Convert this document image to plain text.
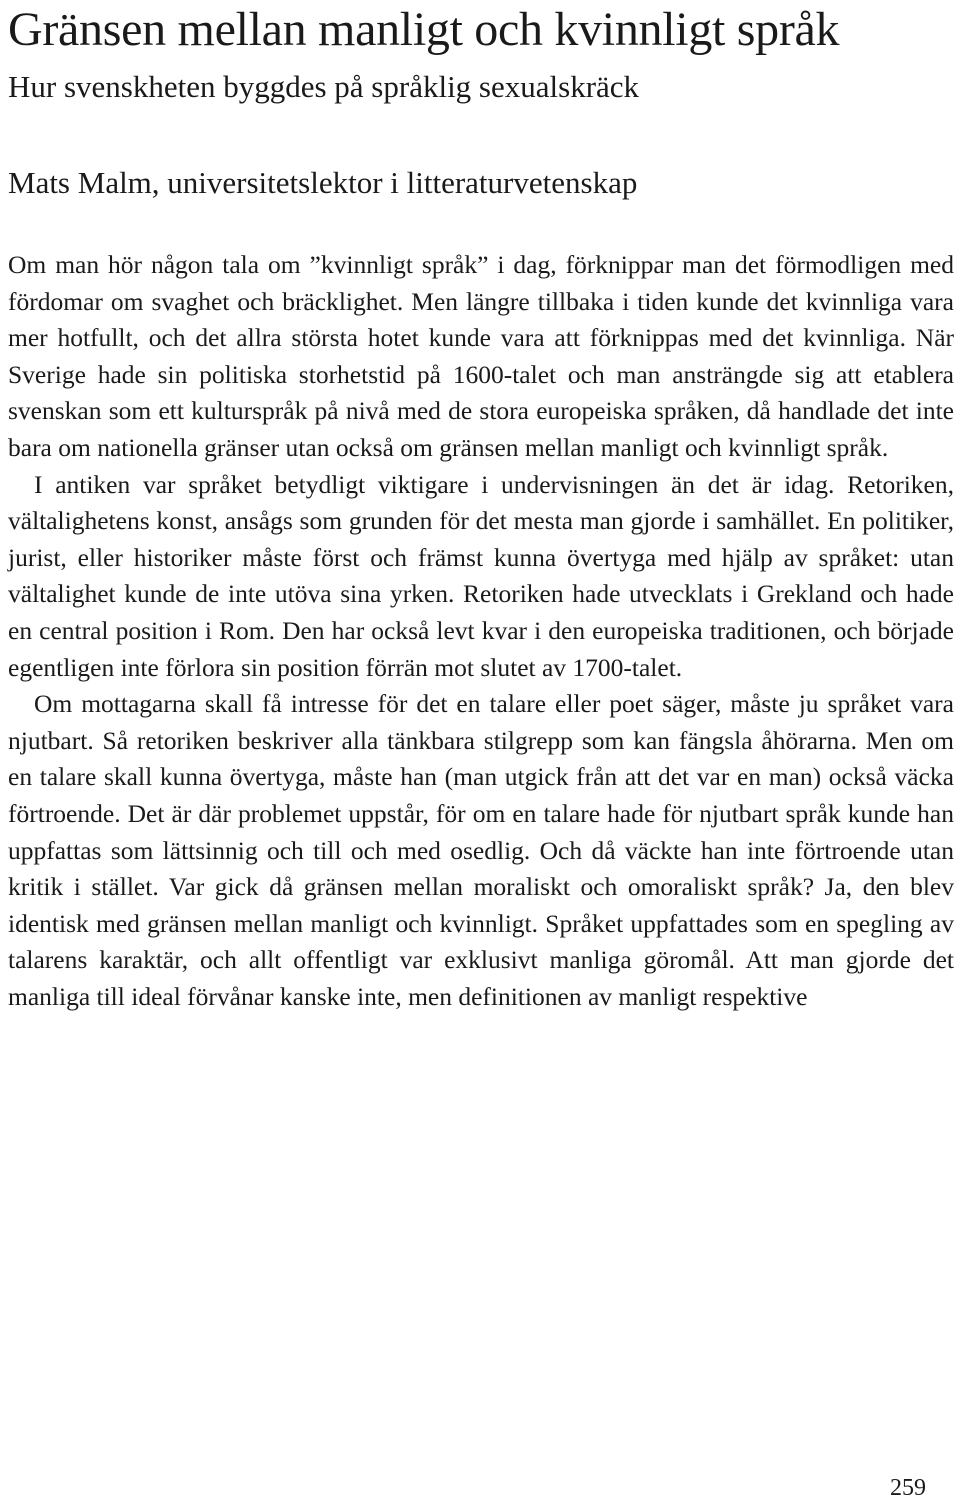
Gränsen mellan manligt och kvinnligt språk
Hur svenskheten byggdes på språklig sexualskräck
Mats Malm, universitetslektor i litteraturvetenskap

Om man hör någon tala om ”kvinnligt språk” i dag, förknippar man det förmodligen med fördomar om svaghet och bräcklighet. Men längre tillbaka i tiden kunde det kvinnliga vara mer hotfullt, och det allra största hotet kunde vara att förknippas med det kvinnliga. När Sverige hade sin politiska storhetstid på 1600-talet och man ansträngde sig att etablera svenskan som ett kulturspråk på nivå med de stora europeiska språken, då handlade det inte bara om nationella gränser utan också om gränsen mellan manligt och kvinnligt språk.

I antiken var språket betydligt viktigare i undervisningen än det är idag. Retoriken, vältalighetens konst, ansågs som grunden för det mesta man gjorde i samhället. En politiker, jurist, eller historiker måste först och främst kunna övertyga med hjälp av språket: utan vältalighet kunde de inte utöva sina yrken. Retoriken hade utvecklats i Grekland och hade en central position i Rom. Den har också levt kvar i den europeiska traditionen, och började egentligen inte förlora sin position förrän mot slutet av 1700-talet.

Om mottagarna skall få intresse för det en talare eller poet säger, måste ju språket vara njutbart. Så retoriken beskriver alla tänkbara stilgrepp som kan fängsla åhörarna. Men om en talare skall kunna övertyga, måste han (man utgick från att det var en man) också väcka förtroende. Det är där problemet uppstår, för om en talare hade för njutbart språk kunde han uppfattas som lättsinnig och till och med osedlig. Och då väckte han inte förtroende utan kritik i stället. Var gick då gränsen mellan moraliskt och omoraliskt språk? Ja, den blev identisk med gränsen mellan manligt och kvinnligt. Språket uppfattades som en spegling av talarens karaktär, och allt offentligt var exklusivt manliga göromål. Att man gjorde det manliga till ideal förvånar kanske inte, men definitionen av manligt respektive

259
